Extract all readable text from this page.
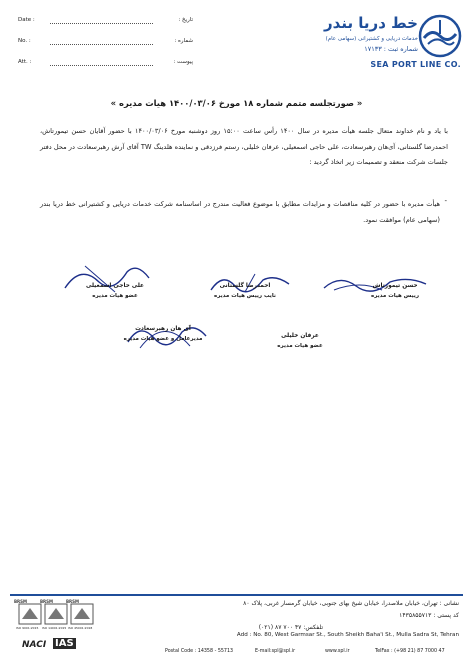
خط دریا بندر
خدمات دریایی و کشتیرانی (سهامی عام)
شماره ثبت : ۱۷۱۳۳
SEA PORT LINE CO.
Date :	تاریخ :
No. :	شماره :
Att. :	پیوست :
« صورتجلسه متمم شماره ۱۸ مورخ ۱۴۰۰/۰۳/۰۶ هیات مدیره »
با یاد و نام خداوند متعال جلسه هیأت مدیره در سال ۱۴۰۰ رأس ساعت ۱۵:۰۰ روز دوشنبه مورخ ۱۴۰۰/۰۳/۰۶ با حضور آقایان حسن تیمورتاش، احمدرضا گلستانی، آی‌هان رهبرسعادت، علی حاجی اسمعیلی، عرفان خلیلی، رستم فرزدقی و نماینده هلدینگ TW آقای آرش رهبرسعادت در محل دفتر جلسات شرکت منعقد و تصمیمات زیر اتخاذ گردید :
-
هیأت مدیره با حضور در کلیه مناقصات و مزایدات مطابق با موضوع فعالیت مندرج در اساسنامه شرکت خدمات دریایی و کشتیرانی خط دریا بندر (سهامی عام) موافقت نمود.
حسن تیمورتاش
رییس هیات مدیره
احمدرضا گلستانی
نایب رییس هیات مدیره
علی حاجی اسمعیلی
عضو هیات مدیره
عرفان خلیلی
عضو هیات مدیره
آی هان رهبرسعادت
مدیرعامل و عضو هیات مدیره
نشانی : تهران، خیابان ملاصدرا، خیابان شیخ بهای جنوبی، خیابان گرمسار غربی، پلاک ۸۰
کد پستی : ۱۴۳۵۸۵۵۷۱۳
تلفکس: ۴۷ ۷۰۰ ۸۷ (۰۲۱)
Add : No. 80, West Garmsar St., South Sheikh Baha'i St., Mulla Sadra St, Tehran
Postal Code : 14358 - 55713	E-mail:spl@spl.ir	www.spl.ir	TelFax : (+98 21) 87 7000 47
BRSM
ISO 9001:2015
BRSM
ISO 14001:2015
BRSM
ISO 45001:2018
NACI IAS
